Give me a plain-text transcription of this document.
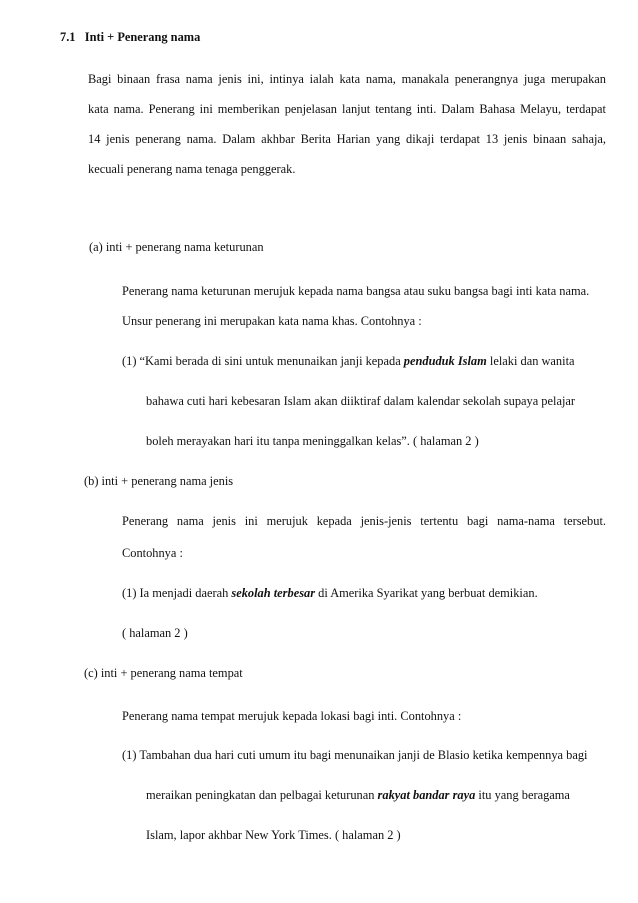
7.1 Inti + Penerang nama
Bagi binaan frasa nama jenis ini, intinya ialah kata nama, manakala penerangnya juga merupakan
kata nama. Penerang ini memberikan penjelasan lanjut tentang inti. Dalam Bahasa Melayu, terdapat
14 jenis penerang nama. Dalam akhbar Berita Harian yang dikaji terdapat 13 jenis binaan sahaja,
kecuali penerang nama tenaga penggerak.
(a) inti + penerang nama keturunan
Penerang nama keturunan merujuk kepada nama bangsa atau suku bangsa bagi inti kata nama.
Unsur penerang ini merupakan kata nama khas. Contohnya :
(1) “Kami berada di sini untuk menunaikan janji kepada penduduk Islam lelaki dan wanita
bahawa cuti hari kebesaran Islam akan diiktiraf dalam kalendar sekolah supaya pelajar
boleh merayakan hari itu tanpa meninggalkan kelas”. ( halaman 2 )
(b) inti + penerang nama jenis
Penerang nama jenis ini merujuk kepada jenis-jenis tertentu bagi nama-nama tersebut.
Contohnya :
(1) Ia menjadi daerah sekolah terbesar di Amerika Syarikat yang berbuat demikian.
( halaman 2 )
(c) inti + penerang nama tempat
Penerang nama tempat merujuk kepada lokasi bagi inti. Contohnya :
(1) Tambahan dua hari cuti umum itu bagi menunaikan janji de Blasio ketika kempennya bagi
meraikan peningkatan dan pelbagai keturunan rakyat bandar raya itu yang beragama
Islam, lapor akhbar New York Times. ( halaman 2 )
